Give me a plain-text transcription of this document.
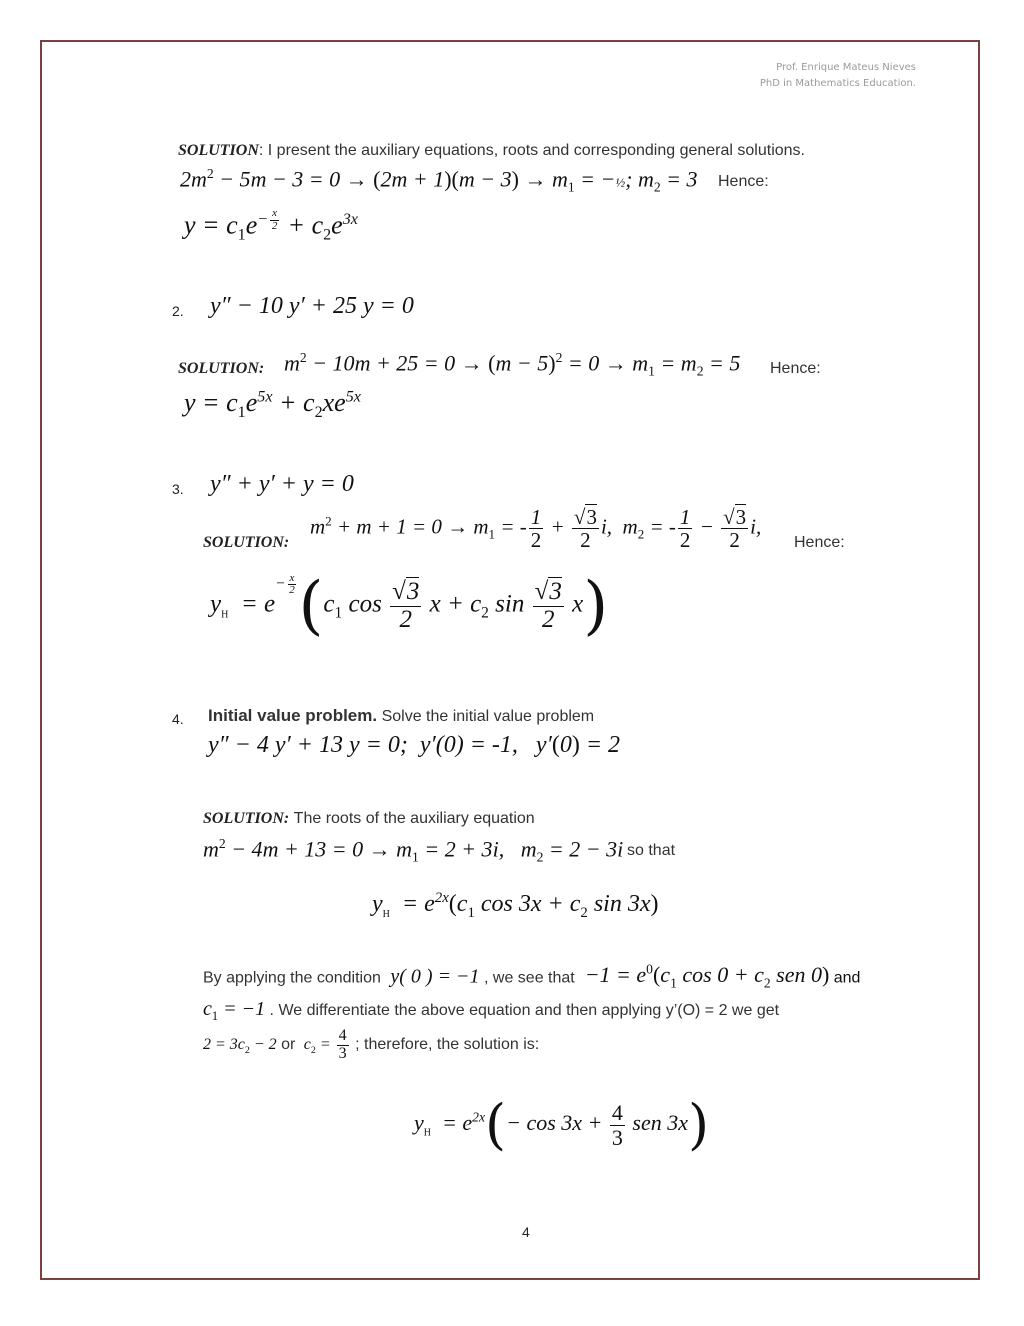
Prof. Enrique Mateus Nieves
PhD in Mathematics Education.
SOLUTION: I present the auxiliary equations, roots and corresponding general solutions.
$2m^2 - 5m - 3 = 0 \to (2m + 1)(m - 3) \to m_1$ = −½; $m_2 = 3$ Hence:
$y = c_1e^{- \frac{x}{2}} + c_2e^{3x}$
2. y″ − 10 y′ + 25 y = 0
SOLUTION: $m^2 - 10m + 25 = 0 \to (m - 5)^2 = 0 \to m_1 = m_2 = 5$ Hence:
$y = c_1e^{5x} + c_2xe^{5x}$
3. y″ + y′ + y = 0
SOLUTION:
$m^2 + m + 1 = 0 \to m_1$ = - $\frac{1}{2} + \frac{√3}{2} i$,  $m_2$ = - $\frac{1}{2} - \frac{√3}{2} i$,
Hence:
$y_H = e^{- \frac{x}{2}}$ ($c_1$ $\cos \frac{√3}{2}$ $x + c_2$ $\sin \frac{√3}{2} x$)
4. Initial value problem. Solve the initial value problem
y″ − 4 y′ + 13 y = 0;  y′(0) = -1,   y′(0) = 2
SOLUTION: The roots of the auxiliary equation
$m^2 - 4m + 13 = 0 \to m_1 = 2 + 3i$,   $m_2 = 2 - 3i$ so that
$y_H = e^{2x}(c_1$ $\cos 3x + c_2$ sin 3x)
By applying the condition y( 0 ) = −1 , we see that  $-1 = e^0(c_1$ $\cos 0 + c_2$ sen 0) and
$c_1 = -1$ . We differentiate the above equation and then applying y’(O) = 2 we get
$2 = 3c_2 - 2$ or $c_2 = \frac{4}{3}$ ; therefore, the solution is:
$y_H = e^{2x}(- \cos 3x + \frac{4}{3}$ sen 3x)
4
